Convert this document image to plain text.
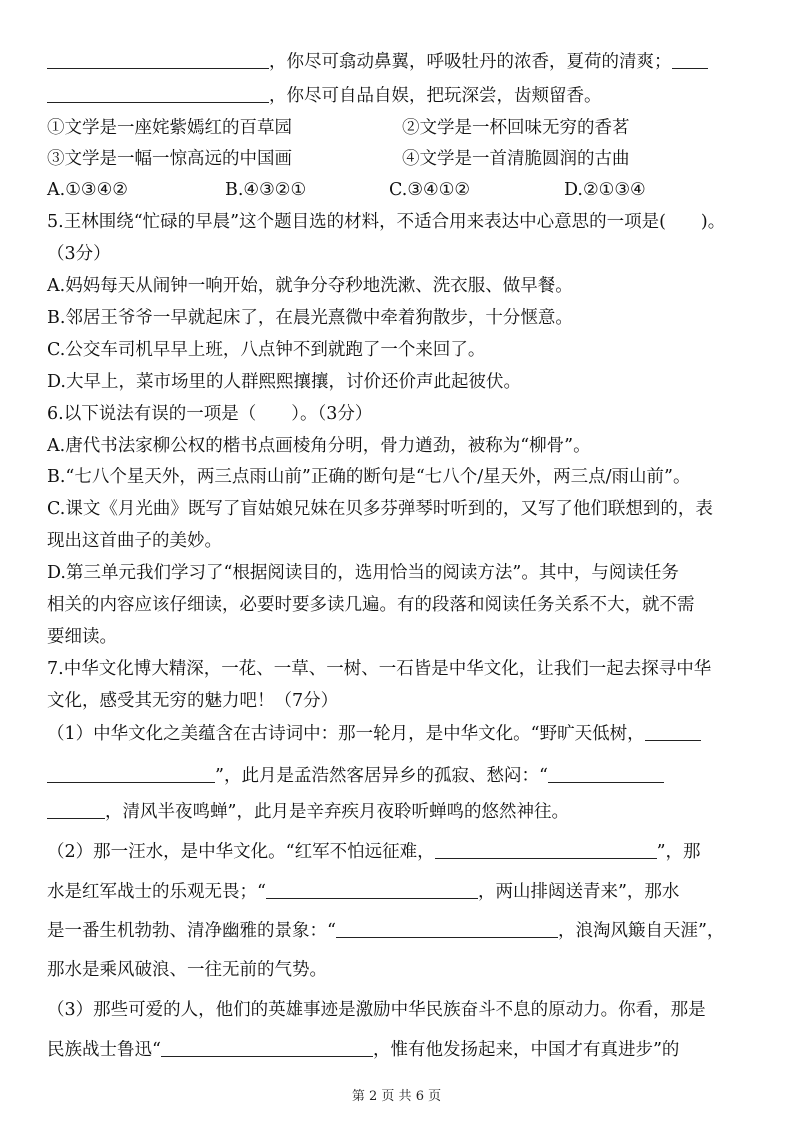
，你尽可翕动鼻翼，呼吸牡丹的浓香，夏荷的清爽；
，你尽可自品自娱，把玩深尝，齿颊留香。
①文学是一座姹紫嫣红的百草园	②文学是一杯回味无穷的香茗
③文学是一幅一惊高远的中国画	④文学是一首清脆圆润的古曲
A.①③④②	B.④③②①	C.③④①②	D.②①③④
5.王林围绕“忙碌的早晨”这个题目选的材料，不适合用来表达中心意思的一项是(　　)。
（3分）
A.妈妈每天从闹钟一响开始，就争分夺秒地洗漱、洗衣服、做早餐。
B.邻居王爷爷一早就起床了，在晨光熹微中牵着狗散步，十分惬意。
C.公交车司机早早上班，八点钟不到就跑了一个来回了。
D.大早上，菜市场里的人群熙熙攘攘，讨价还价声此起彼伏。
6.以下说法有误的一项是（　　）。（3分）
A.唐代书法家柳公权的楷书点画棱角分明，骨力遒劲，被称为“柳骨”。
B.“七八个星天外，两三点雨山前”正确的断句是“七八个/星天外，两三点/雨山前”。
C.课文《月光曲》既写了盲姑娘兄妹在贝多芬弹琴时听到的，又写了他们联想到的，表
现出这首曲子的美妙。
D.第三单元我们学习了“根据阅读目的，选用恰当的阅读方法”。其中，与阅读任务
相关的内容应该仔细读，必要时要多读几遍。有的段落和阅读任务关系不大，就不需
要细读。
7.中华文化博大精深，一花、一草、一树、一石皆是中华文化，让我们一起去探寻中华
文化，感受其无穷的魅力吧！（7分）
（1）中华文化之美蕴含在古诗词中：那一轮月，是中华文化。“野旷天低树，
”，此月是孟浩然客居异乡的孤寂、愁闷：“
，清风半夜鸣蝉”，此月是辛弃疾月夜聆听蝉鸣的悠然神往。
（2）那一汪水，是中华文化。“红军不怕远征难，	”，那
水是红军战士的乐观无畏；“	，两山排闼送青来”，那水
是一番生机勃勃、清净幽雅的景象：“	，浪淘风簸自天涯”，
那水是乘风破浪、一往无前的气势。
（3）那些可爱的人，他们的英雄事迹是激励中华民族奋斗不息的原动力。你看，那是
民族战士鲁迅“	，惟有他发扬起来，中国才有真进步”的
第 2 页 共 6 页
